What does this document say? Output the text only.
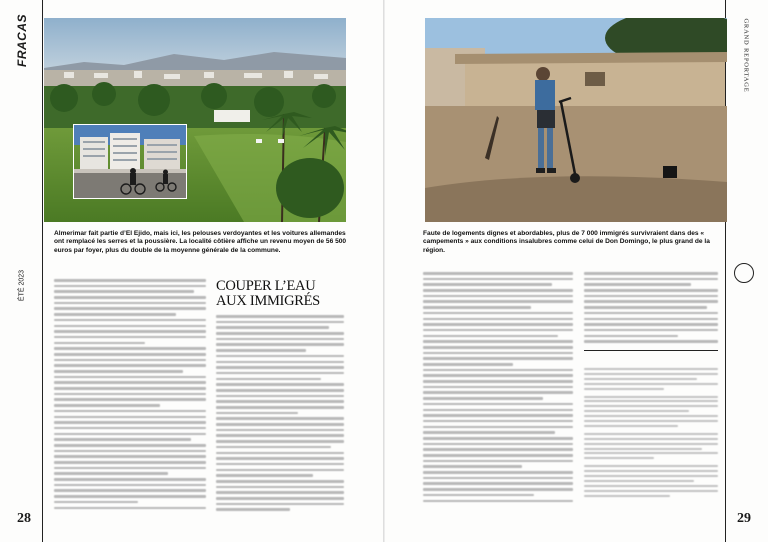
FRACAS
ÉTÉ 2023
Almerimar fait partie d’El Ejido, mais ici, les pelouses verdoyantes et les voitures allemandes ont remplacé les serres et la poussière. La localité côtière affiche un revenu moyen de 56 500 euros par foyer, plus du double de la moyenne générale de la commune.
COUPER L’EAU AUX IMMIGRÉS
28
Faute de logements dignes et abordables, plus de 7 000 immigrés survivraient dans des « campements » aux conditions insalubres comme celui de Don Domingo, le plus grand de la région.
GRAND REPORTAGE
29
